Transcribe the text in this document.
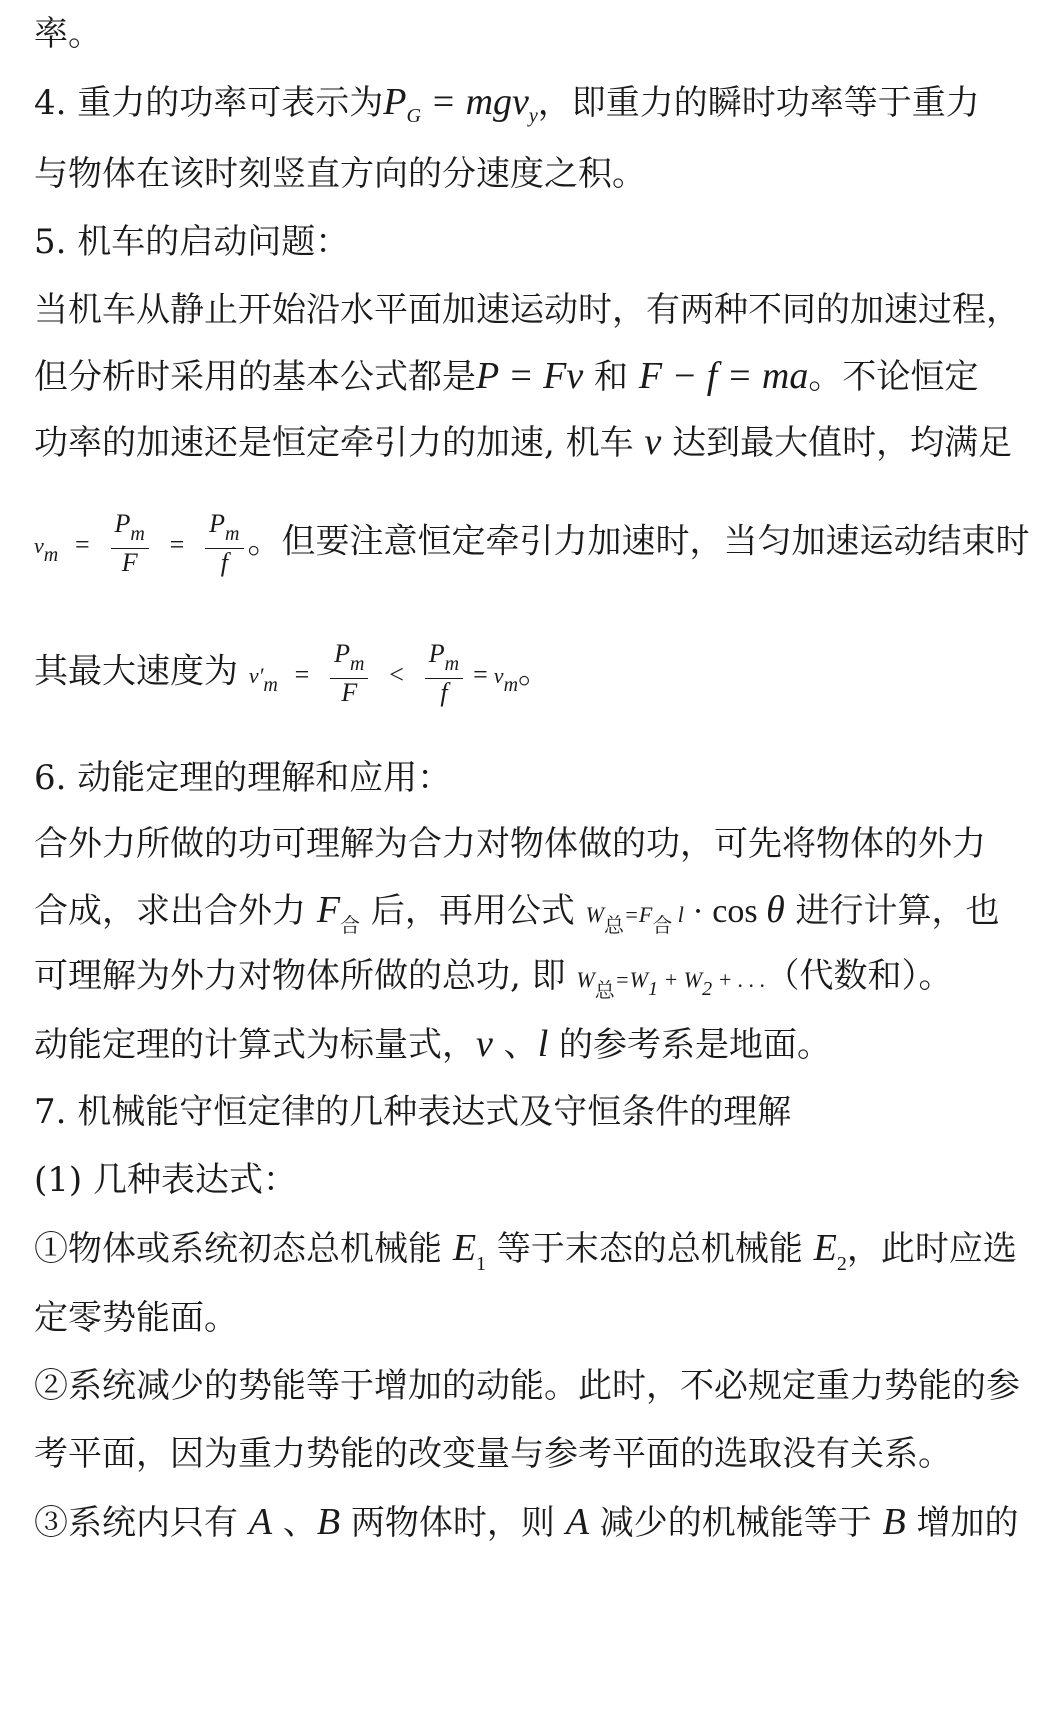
率。
4. 重力的功率可表示为$P_G = mgv_y$，即重力的瞬时功率等于重力
与物体在该时刻竖直方向的分速度之积。
5. 机车的启动问题：
当机车从静止开始沿水平面加速运动时，有两种不同的加速过程，
但分析时采用的基本公式都是P = Fv 和 F − f = ma。不论恒定
功率的加速还是恒定牵引力的加速, 机车 v 达到最大值时，均满足
vm = $\frac{P_m}{F} = \frac{P_m}{f}$ 。但要注意恒定牵引力加速时，当匀加速运动结束时
其最大速度为 $v'm = \frac{P_m}{F} < \frac{P_m}{f}$ = vm。
6. 动能定理的理解和应用：
合外力所做的功可理解为合力对物体做的功，可先将物体的外力
合成，求出合外力 $F_合$ 后，再用公式 W总=F合 l · cos θ 进行计算，也
可理解为外力对物体所做的总功, 即 W总=W1 + W2 + . . .（代数和）。
动能定理的计算式为标量式，v 、l 的参考系是地面。
7. 机械能守恒定律的几种表达式及守恒条件的理解
(1) 几种表达式：
①物体或系统初态总机械能 $E_1$ 等于末态的总机械能 $E_2$，此时应选
定零势能面。
②系统减少的势能等于增加的动能。此时，不必规定重力势能的参
考平面，因为重力势能的改变量与参考平面的选取没有关系。
③系统内只有 A 、B 两物体时，则 A 减少的机械能等于 B 增加的
